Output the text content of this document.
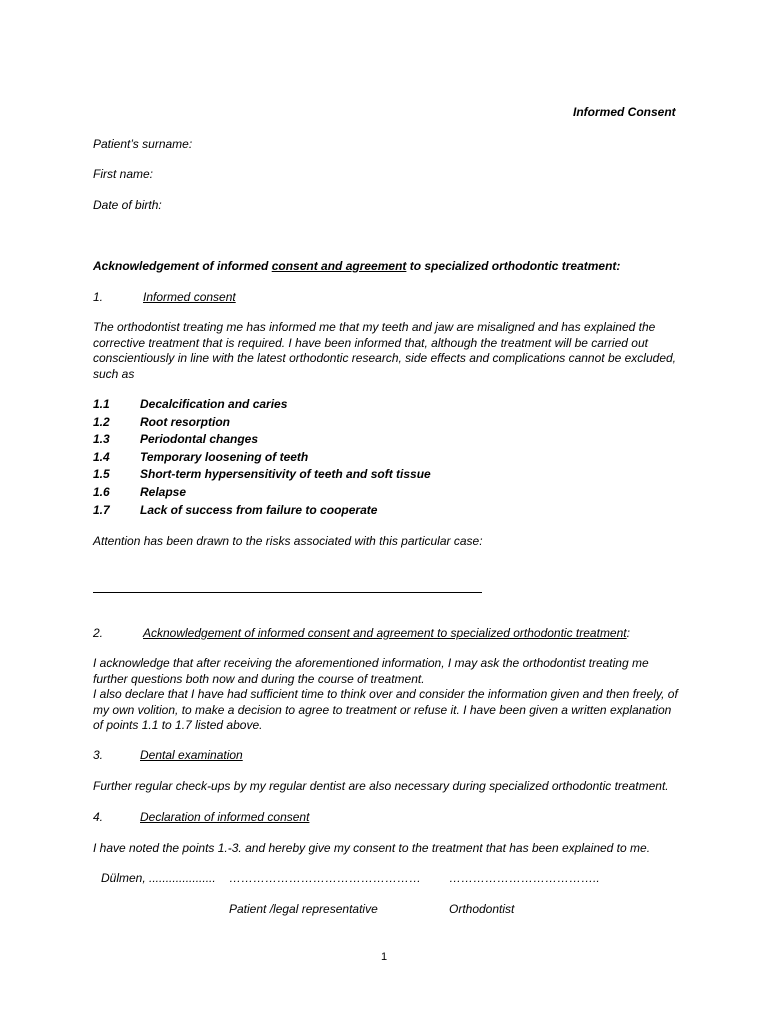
Informed Consent
Patient’s surname:
First name:
Date of birth:
Acknowledgement of informed consent and agreement to specialized orthodontic treatment:
1.	Informed consent
The orthodontist treating me has informed me that my teeth and jaw are misaligned and has explained the corrective treatment that is required. I have been informed that, although the treatment will be carried out conscientiously in line with the latest orthodontic research, side effects and complications cannot be excluded, such as
1.1	Decalcification and caries
1.2	Root resorption
1.3	Periodontal changes
1.4	Temporary loosening of teeth
1.5	Short-term hypersensitivity of teeth and soft tissue
1.6	Relapse
1.7	Lack of success from failure to cooperate
Attention has been drawn to the risks associated with this particular case:
2.	Acknowledgement of informed consent and agreement to specialized orthodontic treatment:
I acknowledge that after receiving the aforementioned information, I may ask the orthodontist treating me further questions both now and during the course of treatment.
I also declare that I have had sufficient time to think over and consider the information given and then freely, of my own volition, to make a decision to agree to treatment or refuse it. I have been given a written explanation of points 1.1 to 1.7 listed above.
3.	Dental examination
Further regular check-ups by my regular dentist are also necessary during specialized orthodontic treatment.
4.	Declaration of informed consent
I have noted the points 1.-3. and hereby give my consent to the treatment that has been explained to me.
Dülmen, .................... ………………………………………… ………………………………..
Patient /legal representative	Orthodontist
1
